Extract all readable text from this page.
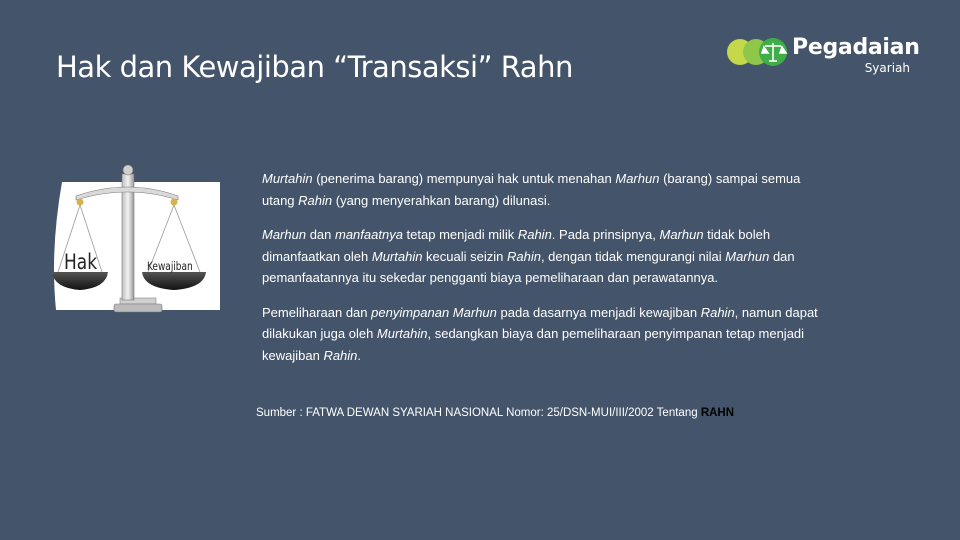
Hak dan Kewajiban “Transaksi” Rahn
Pegadaian
Syariah
Hak	Kewajiban

Murtahin (penerima barang) mempunyai hak untuk menahan Marhun (barang) sampai semua utang Rahin (yang menyerahkan barang) dilunasi.

Marhun dan manfaatnya tetap menjadi milik Rahin. Pada prinsipnya, Marhun tidak boleh dimanfaatkan oleh Murtahin kecuali seizin Rahin, dengan tidak mengurangi nilai Marhun dan pemanfaatannya itu sekedar pengganti biaya pemeliharaan dan perawatannya.

Pemeliharaan dan penyimpanan Marhun pada dasarnya menjadi kewajiban Rahin, namun dapat dilakukan juga oleh Murtahin, sedangkan biaya dan pemeliharaan penyimpanan tetap menjadi kewajiban Rahin.

Sumber : FATWA DEWAN SYARIAH NASIONAL Nomor: 25/DSN-MUI/III/2002 Tentang RAHN
